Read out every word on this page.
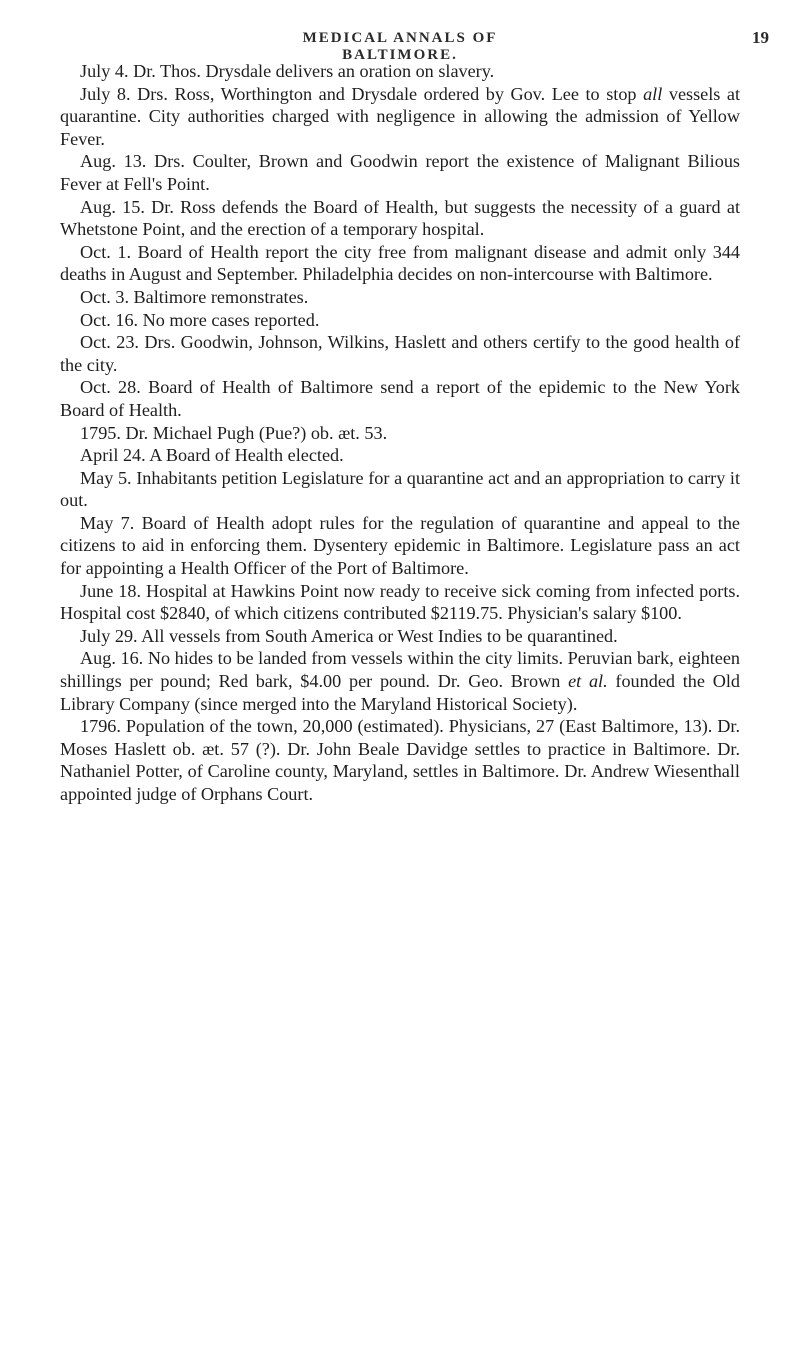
MEDICAL ANNALS OF BALTIMORE.
19

July 4. Dr. Thos. Drysdale delivers an oration on slavery.

July 8. Drs. Ross, Worthington and Drysdale ordered by Gov. Lee to stop all vessels at quarantine. City authorities charged with negligence in allowing the admission of Yellow Fever.

Aug. 13. Drs. Coulter, Brown and Goodwin report the existence of Malignant Bilious Fever at Fell's Point.

Aug. 15. Dr. Ross defends the Board of Health, but suggests the necessity of a guard at Whetstone Point, and the erection of a temporary hospital.

Oct. 1. Board of Health report the city free from malignant disease and admit only 344 deaths in August and September. Philadelphia decides on non-intercourse with Baltimore.

Oct. 3. Baltimore remonstrates.

Oct. 16. No more cases reported.

Oct. 23. Drs. Goodwin, Johnson, Wilkins, Haslett and others certify to the good health of the city.

Oct. 28. Board of Health of Baltimore send a report of the epidemic to the New York Board of Health.

1795. Dr. Michael Pugh (Pue?) ob. æt. 53.

April 24. A Board of Health elected.

May 5. Inhabitants petition Legislature for a quarantine act and an appropriation to carry it out.

May 7. Board of Health adopt rules for the regulation of quarantine and appeal to the citizens to aid in enforcing them. Dysentery epidemic in Baltimore. Legislature pass an act for appointing a Health Officer of the Port of Baltimore.

June 18. Hospital at Hawkins Point now ready to receive sick coming from infected ports. Hospital cost $2840, of which citizens contributed $2119.75. Physician's salary $100.

July 29. All vessels from South America or West Indies to be quarantined.

Aug. 16. No hides to be landed from vessels within the city limits. Peruvian bark, eighteen shillings per pound; Red bark, $4.00 per pound. Dr. Geo. Brown et al. founded the Old Library Company (since merged into the Maryland Historical Society).

1796. Population of the town, 20,000 (estimated). Physicians, 27 (East Baltimore, 13). Dr. Moses Haslett ob. æt. 57 (?). Dr. John Beale Davidge settles to practice in Baltimore. Dr. Nathaniel Potter, of Caroline county, Maryland, settles in Baltimore. Dr. Andrew Wiesenthall appointed judge of Orphans Court.
